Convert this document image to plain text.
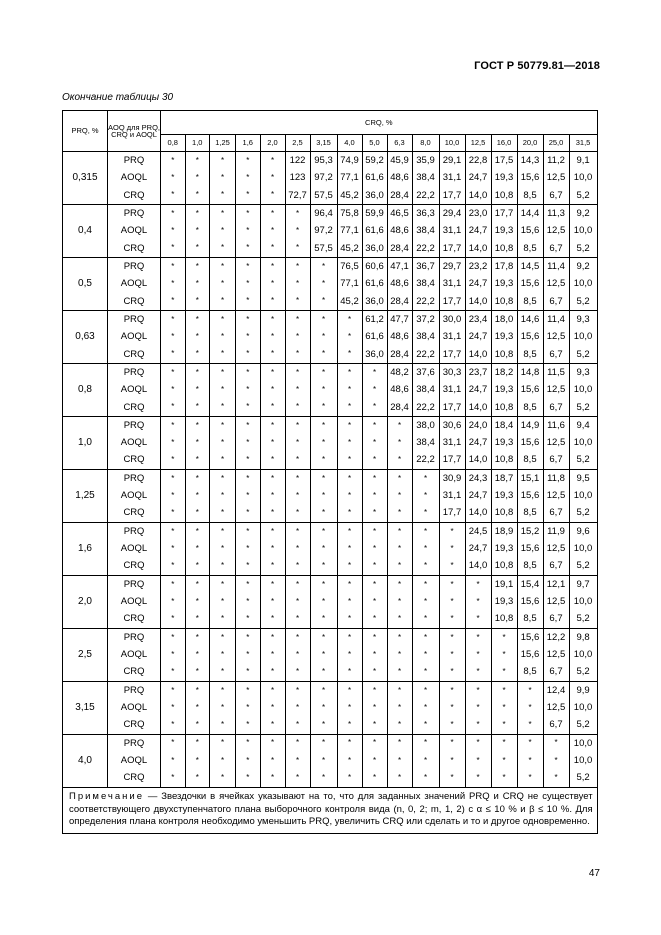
ГОСТ Р 50779.81—2018
Окончание таблицы 30
PRQ, %	AOQ для PRQ, CRQ и AOQL	CRQ, %																
		0,8	1,0	1,25	1,6	2,0	2,5	3,15	4,0	5,0	6,3	8,0	10,0	12,5	16,0	20,0	25,0	31,5
0,315	PRQ	*	*	*	*	*	122	95,3	74,9	59,2	45,9	35,9	29,1	22,8	17,5	14,3	11,2	9,1
	AOQL	*	*	*	*	*	123	97,2	77,1	61,6	48,6	38,4	31,1	24,7	19,3	15,6	12,5	10,0
	CRQ	*	*	*	*	*	72,7	57,5	45,2	36,0	28,4	22,2	17,7	14,0	10,8	8,5	6,7	5,2
0,4	PRQ	*	*	*	*	*	*	96,4	75,8	59,9	46,5	36,3	29,4	23,0	17,7	14,4	11,3	9,2
	AOQL	*	*	*	*	*	*	97,2	77,1	61,6	48,6	38,4	31,1	24,7	19,3	15,6	12,5	10,0
	CRQ	*	*	*	*	*	*	57,5	45,2	36,0	28,4	22,2	17,7	14,0	10,8	8,5	6,7	5,2
0,5	PRQ	*	*	*	*	*	*	*	76,5	60,6	47,1	36,7	29,7	23,2	17,8	14,5	11,4	9,2
	AOQL	*	*	*	*	*	*	*	77,1	61,6	48,6	38,4	31,1	24,7	19,3	15,6	12,5	10,0
	CRQ	*	*	*	*	*	*	*	45,2	36,0	28,4	22,2	17,7	14,0	10,8	8,5	6,7	5,2
0,63	PRQ	*	*	*	*	*	*	*	*	61,2	47,7	37,2	30,0	23,4	18,0	14,6	11,4	9,3
	AOQL	*	*	*	*	*	*	*	*	61,6	48,6	38,4	31,1	24,7	19,3	15,6	12,5	10,0
	CRQ	*	*	*	*	*	*	*	*	36,0	28,4	22,2	17,7	14,0	10,8	8,5	6,7	5,2
0,8	PRQ	*	*	*	*	*	*	*	*	*	48,2	37,6	30,3	23,7	18,2	14,8	11,5	9,3
	AOQL	*	*	*	*	*	*	*	*	*	48,6	38,4	31,1	24,7	19,3	15,6	12,5	10,0
	CRQ	*	*	*	*	*	*	*	*	*	28,4	22,2	17,7	14,0	10,8	8,5	6,7	5,2
1,0	PRQ	*	*	*	*	*	*	*	*	*	*	38,0	30,6	24,0	18,4	14,9	11,6	9,4
	AOQL	*	*	*	*	*	*	*	*	*	*	38,4	31,1	24,7	19,3	15,6	12,5	10,0
	CRQ	*	*	*	*	*	*	*	*	*	*	22,2	17,7	14,0	10,8	8,5	6,7	5,2
1,25	PRQ	*	*	*	*	*	*	*	*	*	*	*	30,9	24,3	18,7	15,1	11,8	9,5
	AOQL	*	*	*	*	*	*	*	*	*	*	*	31,1	24,7	19,3	15,6	12,5	10,0
	CRQ	*	*	*	*	*	*	*	*	*	*	*	17,7	14,0	10,8	8,5	6,7	5,2
1,6	PRQ	*	*	*	*	*	*	*	*	*	*	*	*	24,5	18,9	15,2	11,9	9,6
	AOQL	*	*	*	*	*	*	*	*	*	*	*	*	24,7	19,3	15,6	12,5	10,0
	CRQ	*	*	*	*	*	*	*	*	*	*	*	*	14,0	10,8	8,5	6,7	5,2
2,0	PRQ	*	*	*	*	*	*	*	*	*	*	*	*	*	19,1	15,4	12,1	9,7
	AOQL	*	*	*	*	*	*	*	*	*	*	*	*	*	19,3	15,6	12,5	10,0
	CRQ	*	*	*	*	*	*	*	*	*	*	*	*	*	10,8	8,5	6,7	5,2
2,5	PRQ	*	*	*	*	*	*	*	*	*	*	*	*	*	*	15,6	12,2	9,8
	AOQL	*	*	*	*	*	*	*	*	*	*	*	*	*	*	15,6	12,5	10,0
	CRQ	*	*	*	*	*	*	*	*	*	*	*	*	*	*	8,5	6,7	5,2
3,15	PRQ	*	*	*	*	*	*	*	*	*	*	*	*	*	*	*	12,4	9,9
	AOQL	*	*	*	*	*	*	*	*	*	*	*	*	*	*	*	12,5	10,0
	CRQ	*	*	*	*	*	*	*	*	*	*	*	*	*	*	*	6,7	5,2
4,0	PRQ	*	*	*	*	*	*	*	*	*	*	*	*	*	*	*	*	10,0
	AOQL	*	*	*	*	*	*	*	*	*	*	*	*	*	*	*	*	10,0
	CRQ	*	*	*	*	*	*	*	*	*	*	*	*	*	*	*	*	5,2
Примечание — Звездочки в ячейках указывают на то, что для заданных значений PRQ и CRQ не существует соответствующего двухступенчатого плана выборочного контроля вида (n, 0, 2; m, 1, 2) с α ≤ 10 % и β ≤ 10 %. Для определения плана контроля необходимо уменьшить PRQ, увеличить CRQ или сделать и то и другое одновременно.																		
47
